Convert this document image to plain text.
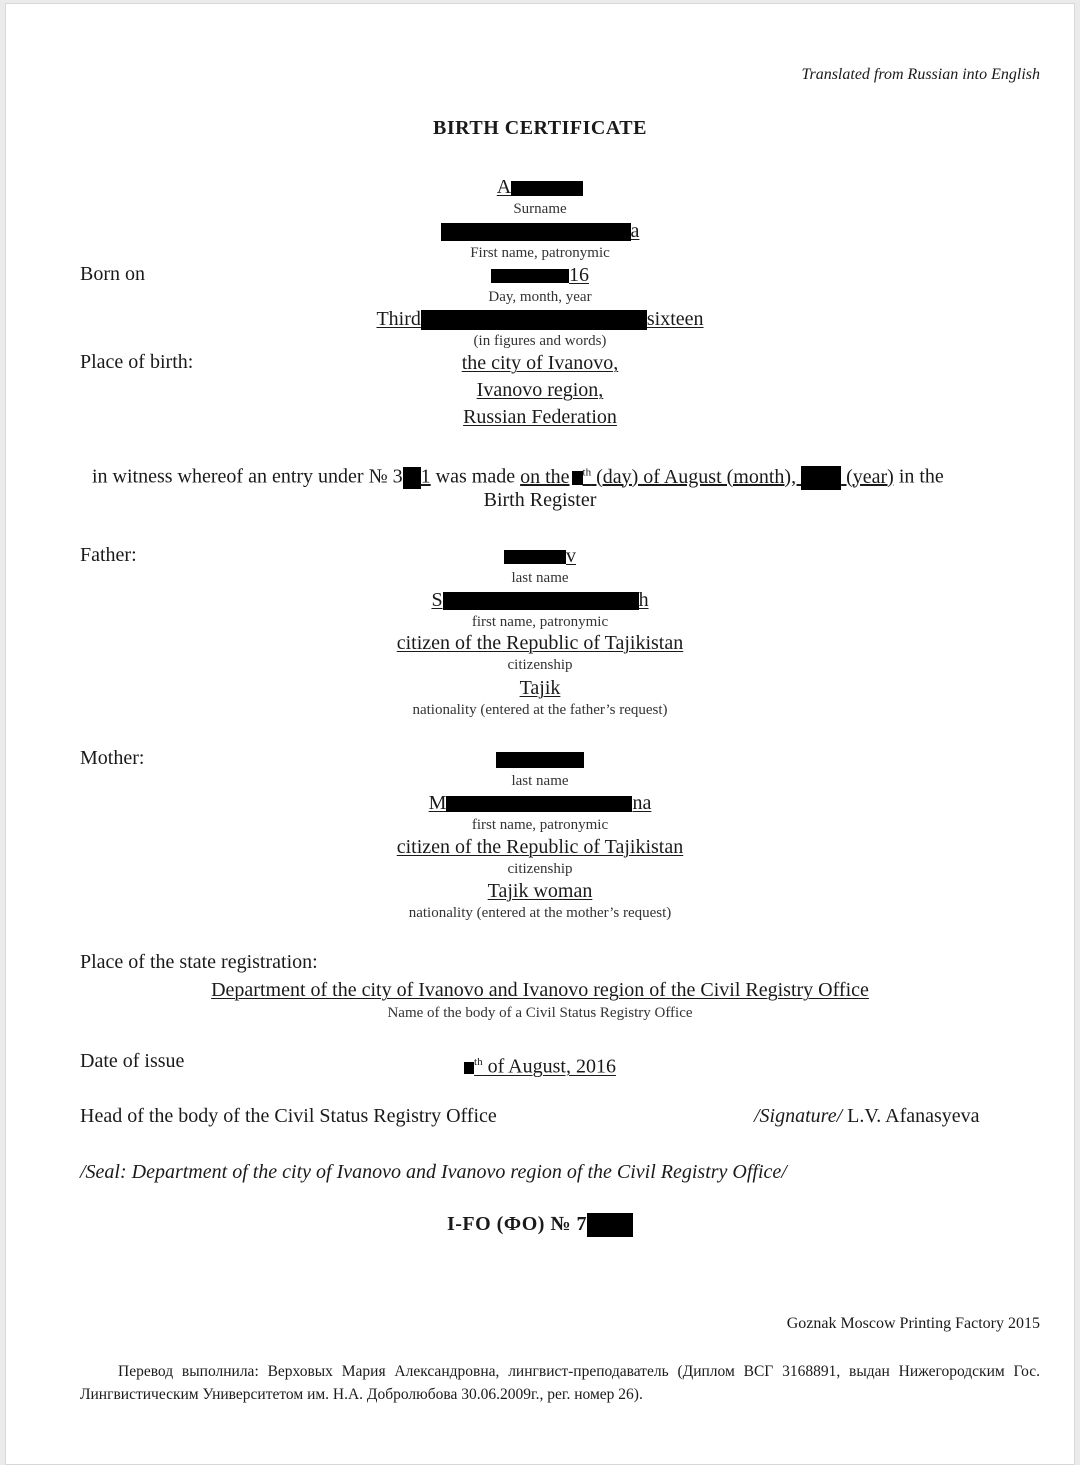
Translated from Russian into English
BIRTH CERTIFICATE
A
Surname
a
First name, patronymic
Born on	16
Day, month, year
Third	sixteen
(in figures and words)
Place of birth:	the city of Ivanovo,
Ivanovo region,
Russian Federation
in witness whereof an entry under № 3 1 was made on the $^{th}$ (day) of August (month),  (year) in the
Birth Register
Father:	v
last name
S	h
first name, patronymic
citizen of the Republic of Tajikistan
citizenship
Tajik
nationality (entered at the father’s request)
Mother:
last name
M	na
first name, patronymic
citizen of the Republic of Tajikistan
citizenship
Tajik woman
nationality (entered at the mother’s request)
Place of the state registration:
Department of the city of Ivanovo and Ivanovo region of the Civil Registry Office
Name of the body of a Civil Status Registry Office
Date of issue	$^{th}$ of August, 2016
Head of the body of the Civil Status Registry Office	/Signature/ L.V. Afanasyeva
/Seal: Department of the city of Ivanovo and Ivanovo region of the Civil Registry Office/
I-FO (ФО) № 7
Goznak Moscow Printing Factory 2015
Перевод выполнила: Верховых Мария Александровна, лингвист-преподаватель (Диплом ВСГ 3168891, выдан Нижегородским Гос. Лингвистическим Университетом им. Н.А. Добролюбова 30.06.2009г., рег. номер 26).
